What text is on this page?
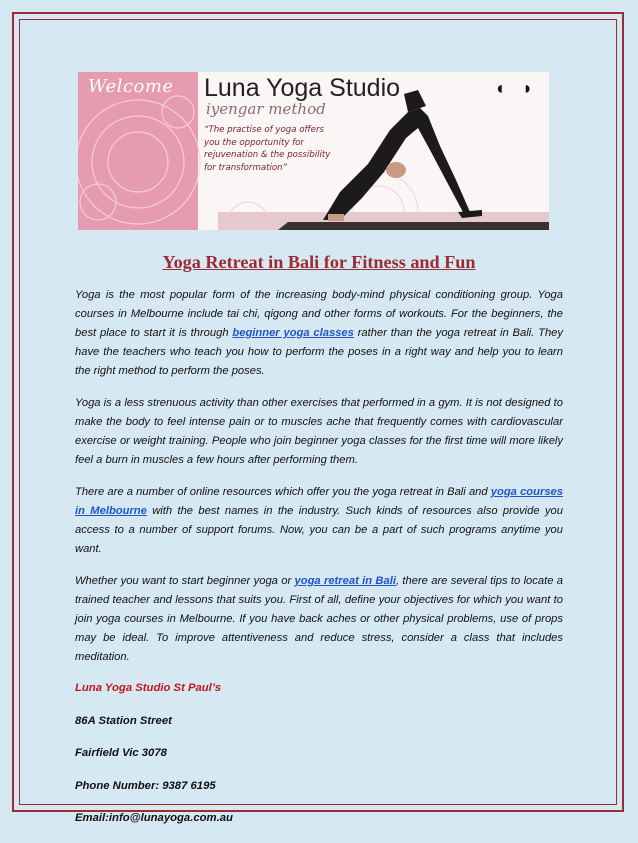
Welcome Luna Yoga Studio
iyengar method
“The practise of yoga offers you the opportunity for rejuvenation & the possibility for transformation”
◖ ◗
Yoga Retreat in Bali for Fitness and Fun

Yoga is the most popular form of the increasing body-mind physical conditioning group. Yoga courses in Melbourne include tai chi, qigong and other forms of workouts. For the beginners, the best place to start it is through beginner yoga classes rather than the yoga retreat in Bali. They have the teachers who teach you how to perform the poses in a right way and help you to learn the right method to perform the poses.

Yoga is a less strenuous activity than other exercises that performed in a gym. It is not designed to make the body to feel intense pain or to muscles ache that frequently comes with cardiovascular exercise or weight training. People who join beginner yoga classes for the first time will more likely feel a burn in muscles a few hours after performing them.

There are a number of online resources which offer you the yoga retreat in Bali and yoga courses in Melbourne with the best names in the industry. Such kinds of resources also provide you access to a number of support forums. Now, you can be a part of such programs anytime you want.

Whether you want to start beginner yoga or yoga retreat in Bali, there are several tips to locate a trained teacher and lessons that suits you. First of all, define your objectives for which you want to join yoga courses in Melbourne. If you have back aches or other physical problems, use of props may be ideal. To improve attentiveness and reduce stress, consider a class that includes meditation.

Luna Yoga Studio St Paul’s
86A Station Street
Fairfield Vic 3078
Phone Number: 9387 6195
Email:info@lunayoga.com.au
